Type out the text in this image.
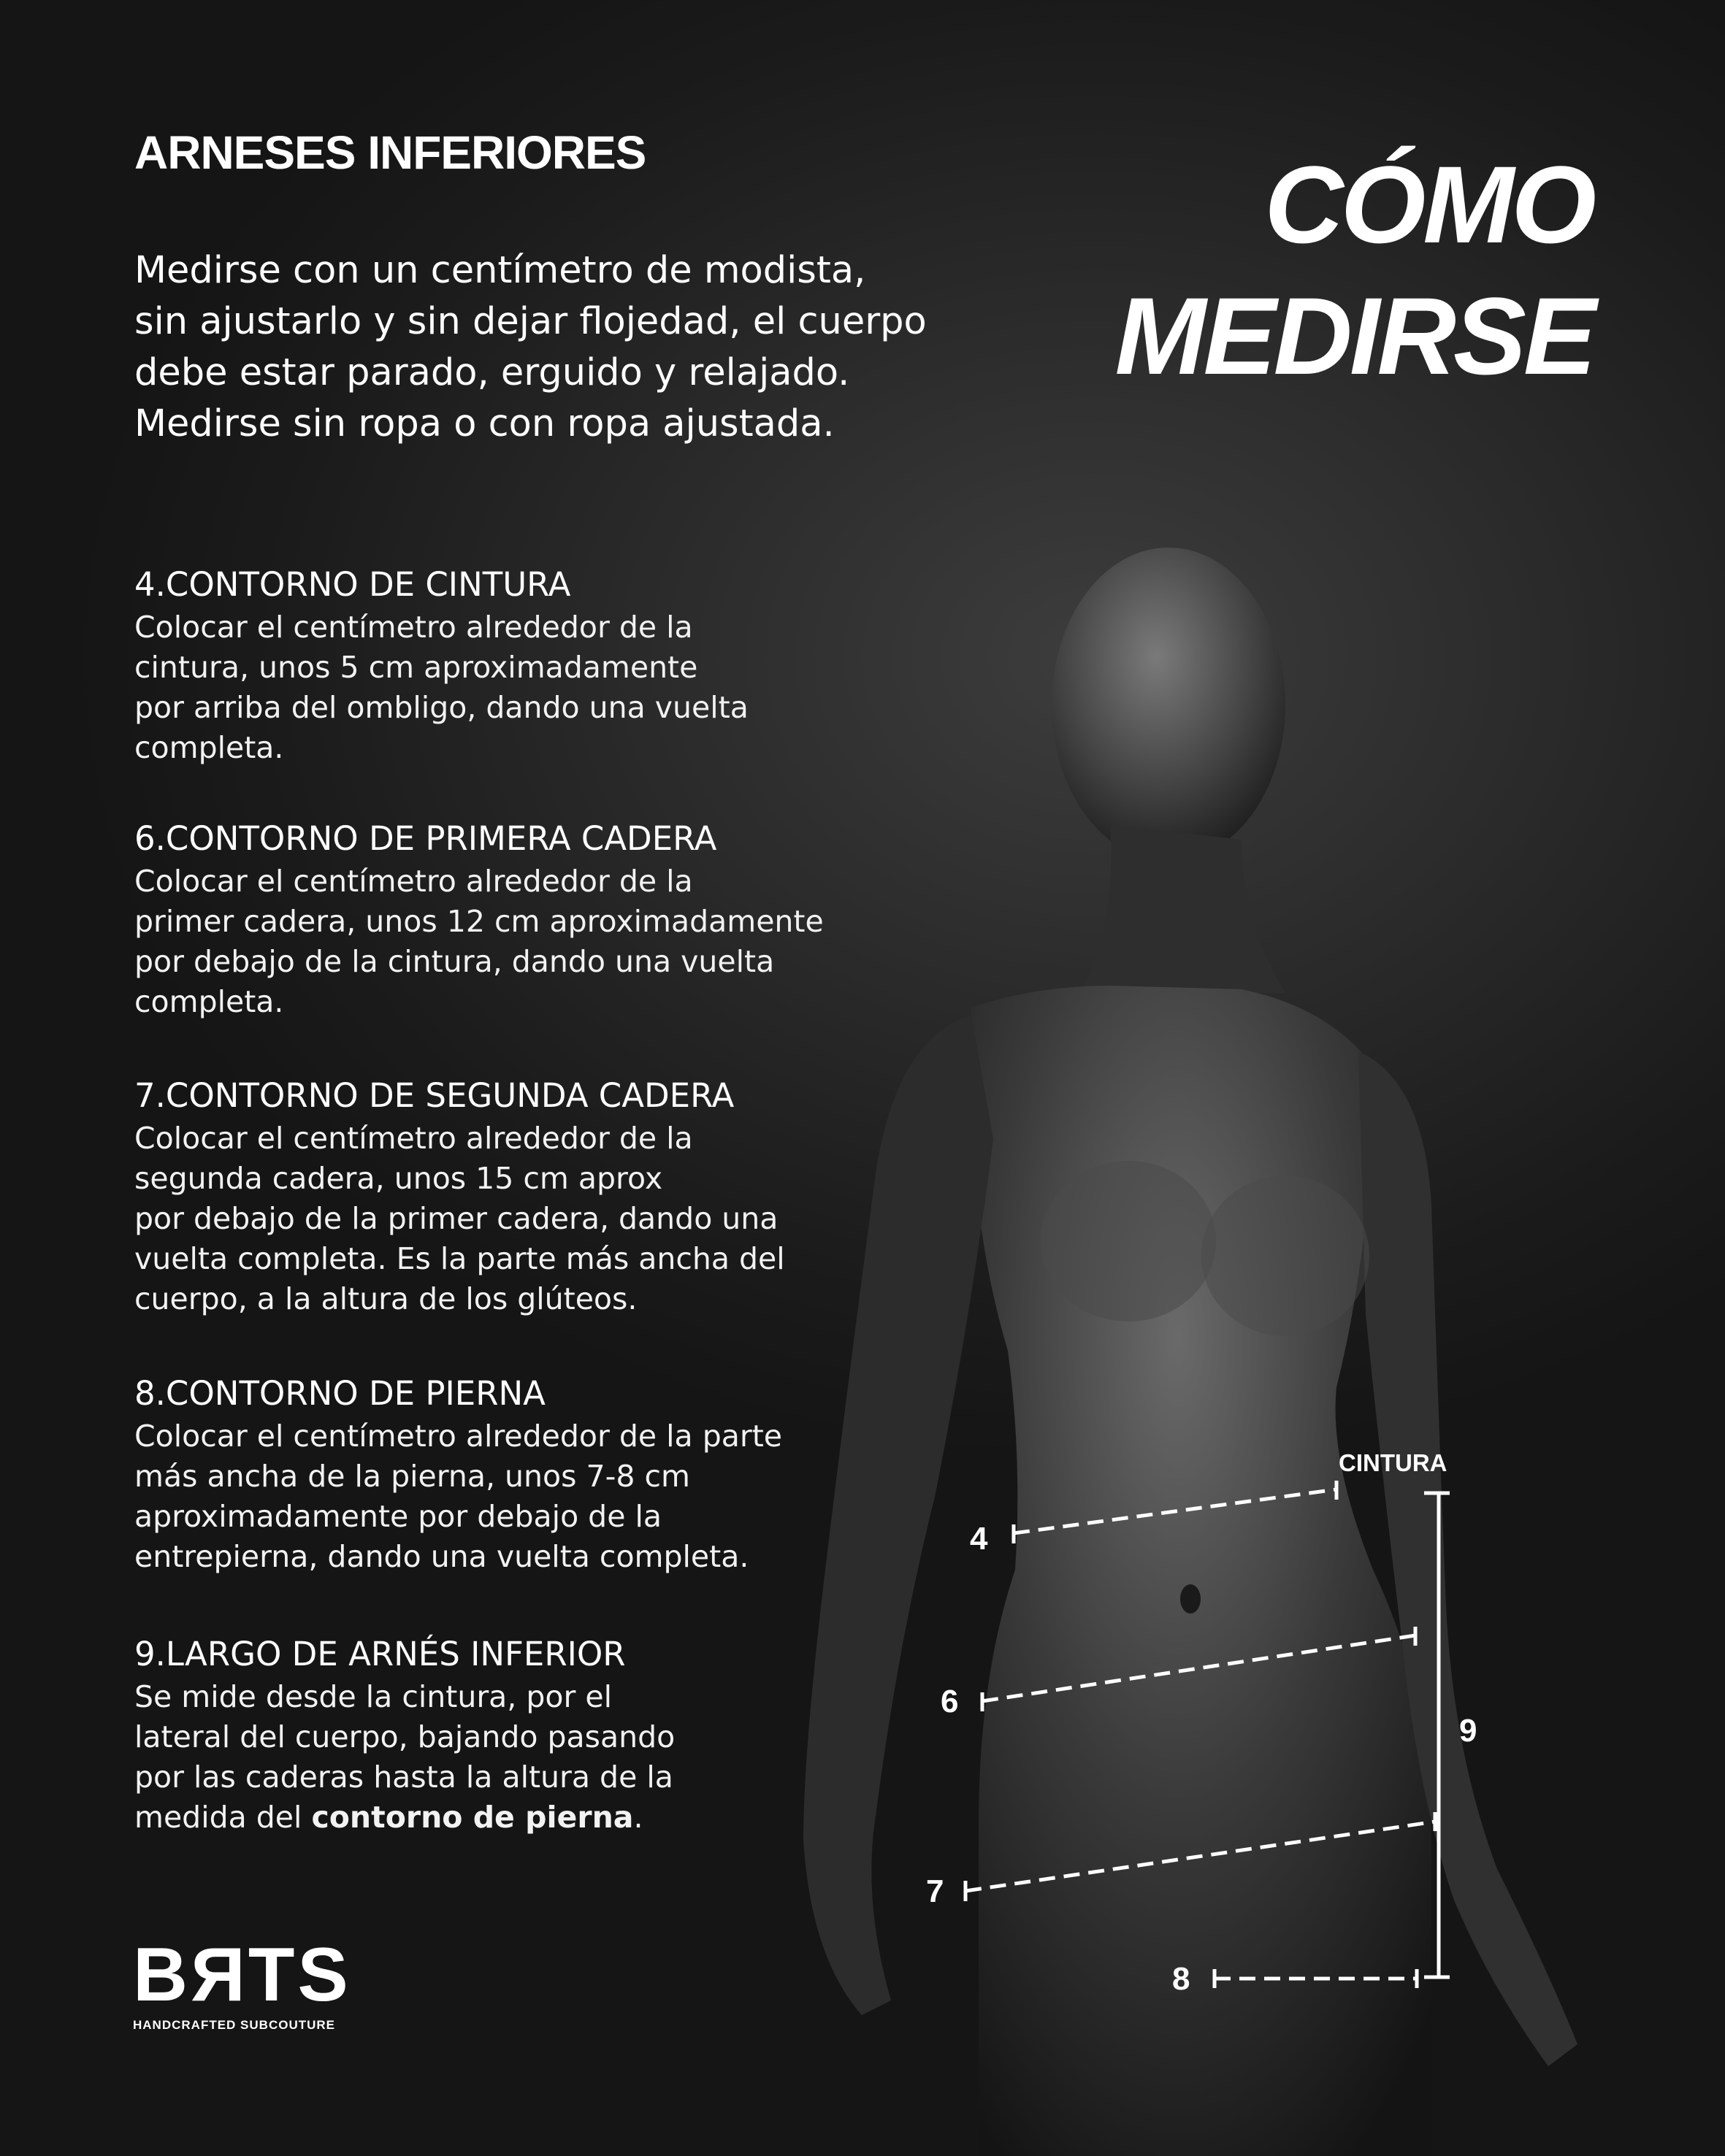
CINTURA
4
6
7
8
9
ARNESES INFERIORES

Medirse con un centímetro de modista,
sin ajustarlo y sin dejar flojedad, el cuerpo
debe estar parado, erguido y relajado.
Medirse sin ropa o con ropa ajustada.

CÓMO
MEDIRSE
4.CONTORNO DE CINTURA

Colocar el centímetro alrededor de la
cintura, unos 5 cm aproximadamente
por arriba del ombligo, dando una vuelta
completa.

6.CONTORNO DE PRIMERA CADERA

Colocar el centímetro alrededor de la
primer cadera, unos 12 cm aproximadamente
por debajo de la cintura, dando una vuelta
completa.

7.CONTORNO DE SEGUNDA CADERA

Colocar el centímetro alrededor de la
segunda cadera, unos 15 cm aprox
por debajo de la primer cadera, dando una
vuelta completa. Es la parte más ancha del
cuerpo, a la altura de los glúteos.

8.CONTORNO DE PIERNA

Colocar el centímetro alrededor de la parte
más ancha de la pierna, unos 7-8 cm
aproximadamente por debajo de la
entrepierna, dando una vuelta completa.

9.LARGO DE ARNÉS INFERIOR

Se mide desde la cintura, por el
lateral del cuerpo, bajando pasando
por las caderas hasta la altura de la
medida del contorno de pierna.

BЯTS
HANDCRAFTED SUBCOUTURE
